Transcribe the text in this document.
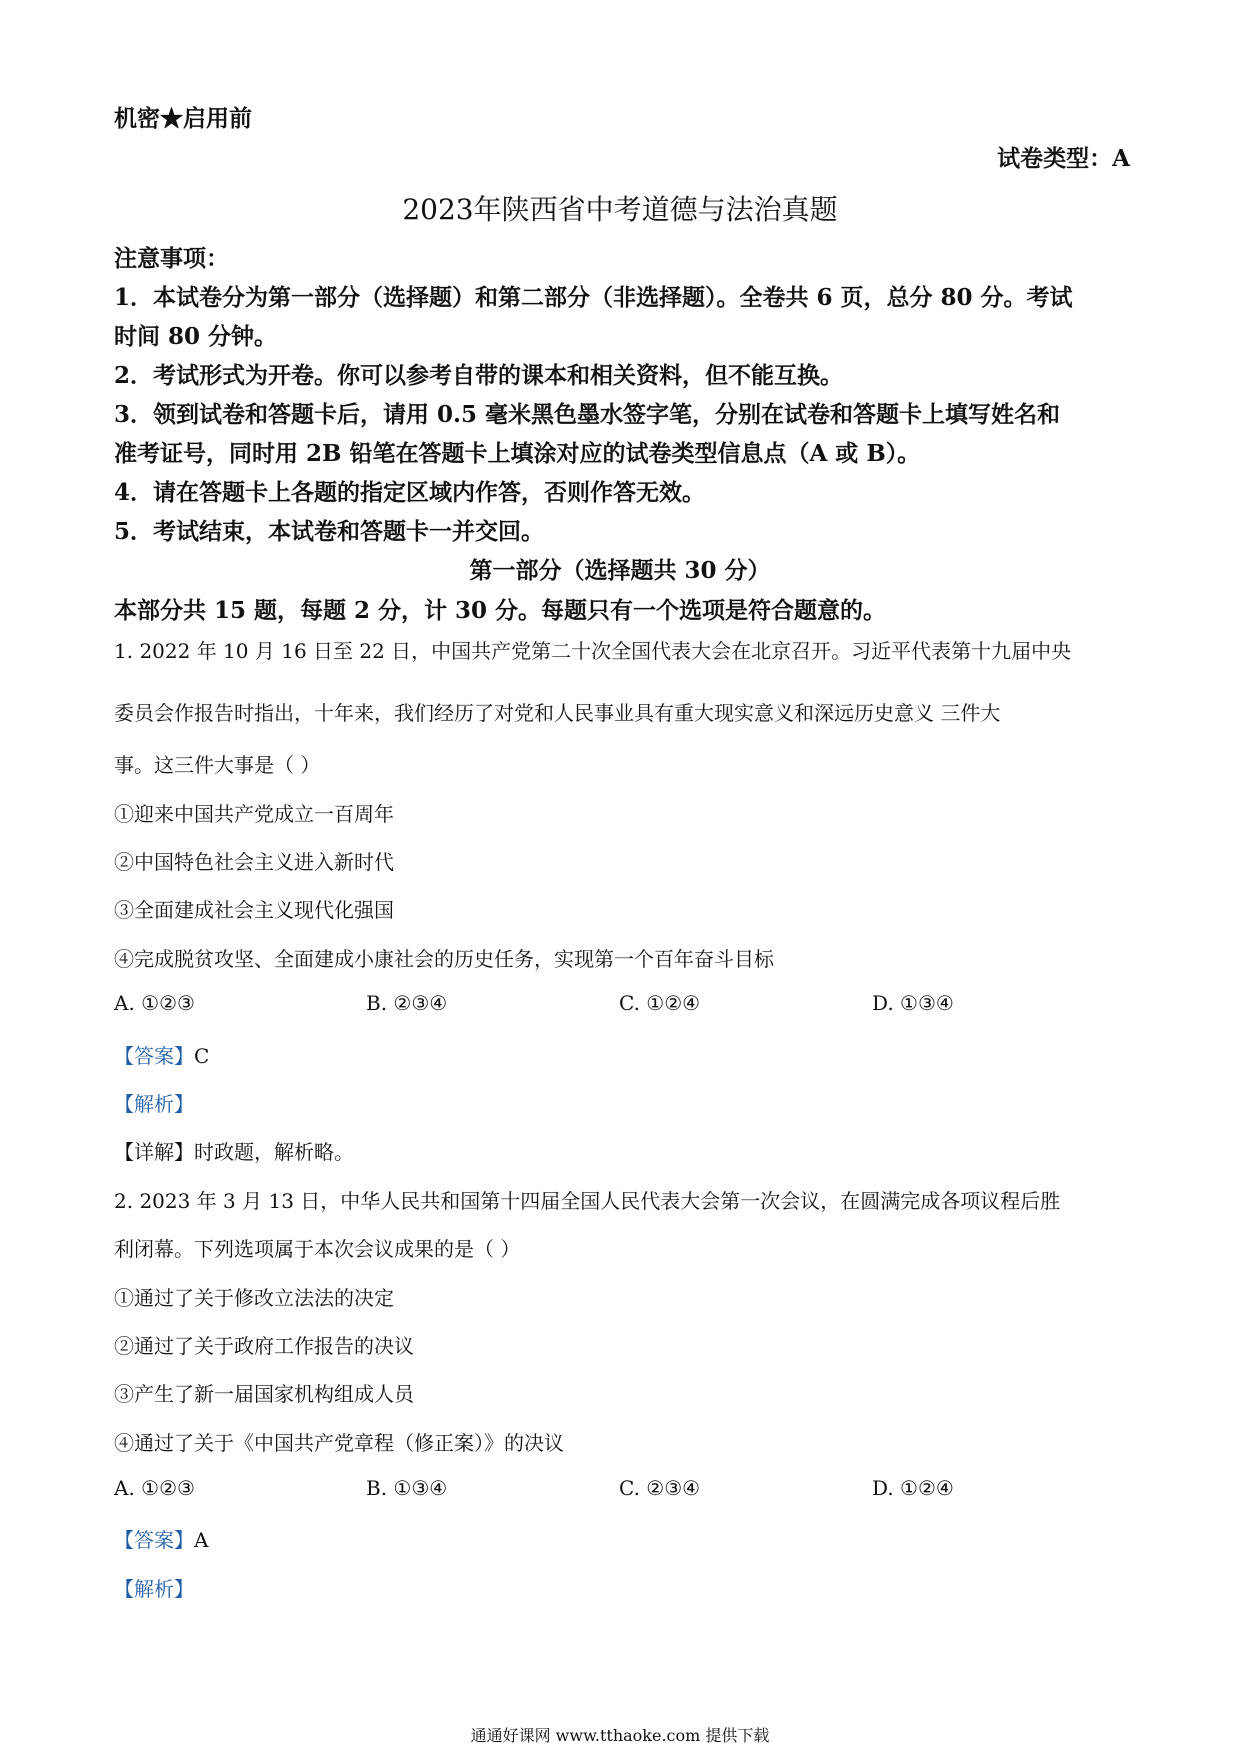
机密★启用前
试卷类型：A
2023年陕西省中考道德与法治真题
注意事项：
1．本试卷分为第一部分（选择题）和第二部分（非选择题）。全卷共 6 页，总分 80 分。考试
时间 80 分钟。
2．考试形式为开卷。你可以参考自带的课本和相关资料，但不能互换。
3．领到试卷和答题卡后，请用 0.5 毫米黑色墨水签字笔，分别在试卷和答题卡上填写姓名和
准考证号，同时用 2B 铅笔在答题卡上填涂对应的试卷类型信息点（A 或 B）。
4．请在答题卡上各题的指定区域内作答，否则作答无效。
5．考试结束，本试卷和答题卡一并交回。
第一部分（选择题共 30 分）
本部分共 15 题，每题 2 分，计 30 分。每题只有一个选项是符合题意的。
1. 2022 年 10 月 16 日至 22 日，中国共产党第二十次全国代表大会在北京召开。习近平代表第十九届中央
委员会作报告时指出，十年来，我们经历了对党和人民事业具有重大现实意义和深远历史意义 三件大
事。这三件大事是（ ）
①迎来中国共产党成立一百周年
②中国特色社会主义进入新时代
③全面建成社会主义现代化强国
④完成脱贫攻坚、全面建成小康社会的历史任务，实现第一个百年奋斗目标
A. ①②③	B. ②③④	C. ①②④	D. ①③④
【答案】C
【解析】
【详解】时政题，解析略。
2. 2023 年 3 月 13 日，中华人民共和国第十四届全国人民代表大会第一次会议，在圆满完成各项议程后胜
利闭幕。下列选项属于本次会议成果的是（ ）
①通过了关于修改立法法的决定
②通过了关于政府工作报告的决议
③产生了新一届国家机构组成人员
④通过了关于《中国共产党章程（修正案）》的决议
A. ①②③	B. ①③④	C. ②③④	D. ①②④
【答案】A
【解析】
通通好课网 www.tthaoke.com 提供下载
